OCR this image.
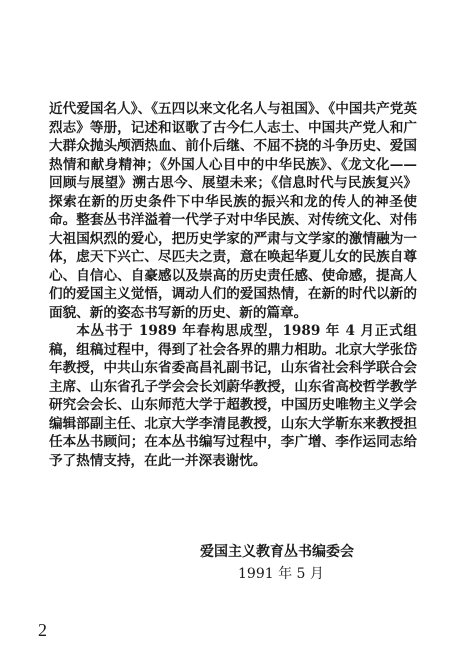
近代爱国名人》、《五四以来文化名人与祖国》、《中国共产党英烈志》等册，记述和讴歌了古今仁人志士、中国共产党人和广大群众抛头颅洒热血、前仆后继、不屈不挠的斗争历史、爱国热情和献身精神；《外国人心目中的中华民族》、《龙文化——回顾与展望》溯古思今、展望未来；《信息时代与民族复兴》探索在新的历史条件下中华民族的振兴和龙的传人的神圣使命。整套丛书洋溢着一代学子对中华民族、对传统文化、对伟大祖国炽烈的爱心，把历史学家的严肃与文学家的激情融为一体，虑天下兴亡、尽匹夫之责，意在唤起华夏儿女的民族自尊心、自信心、自豪感以及崇高的历史责任感、使命感，提高人们的爱国主义觉悟，调动人们的爱国热情，在新的时代以新的面貌、新的姿态书写新的历史、新的篇章。

本丛书于 1989 年春构思成型，1989 年 4 月正式组稿，组稿过程中，得到了社会各界的鼎力相助。北京大学张岱年教授，中共山东省委高昌礼副书记，山东省社会科学联合会主席、山东省孔子学会会长刘蔚华教授，山东省高校哲学教学研究会会长、山东师范大学于超教授，中国历史唯物主义学会编辑部副主任、北京大学李清昆教授，山东大学靳东来教授担任本丛书顾问；在本丛书编写过程中，李广增、李作运同志给予了热情支持，在此一并深表谢忱。

爱国主义教育丛书编委会
1991 年 5 月
2
